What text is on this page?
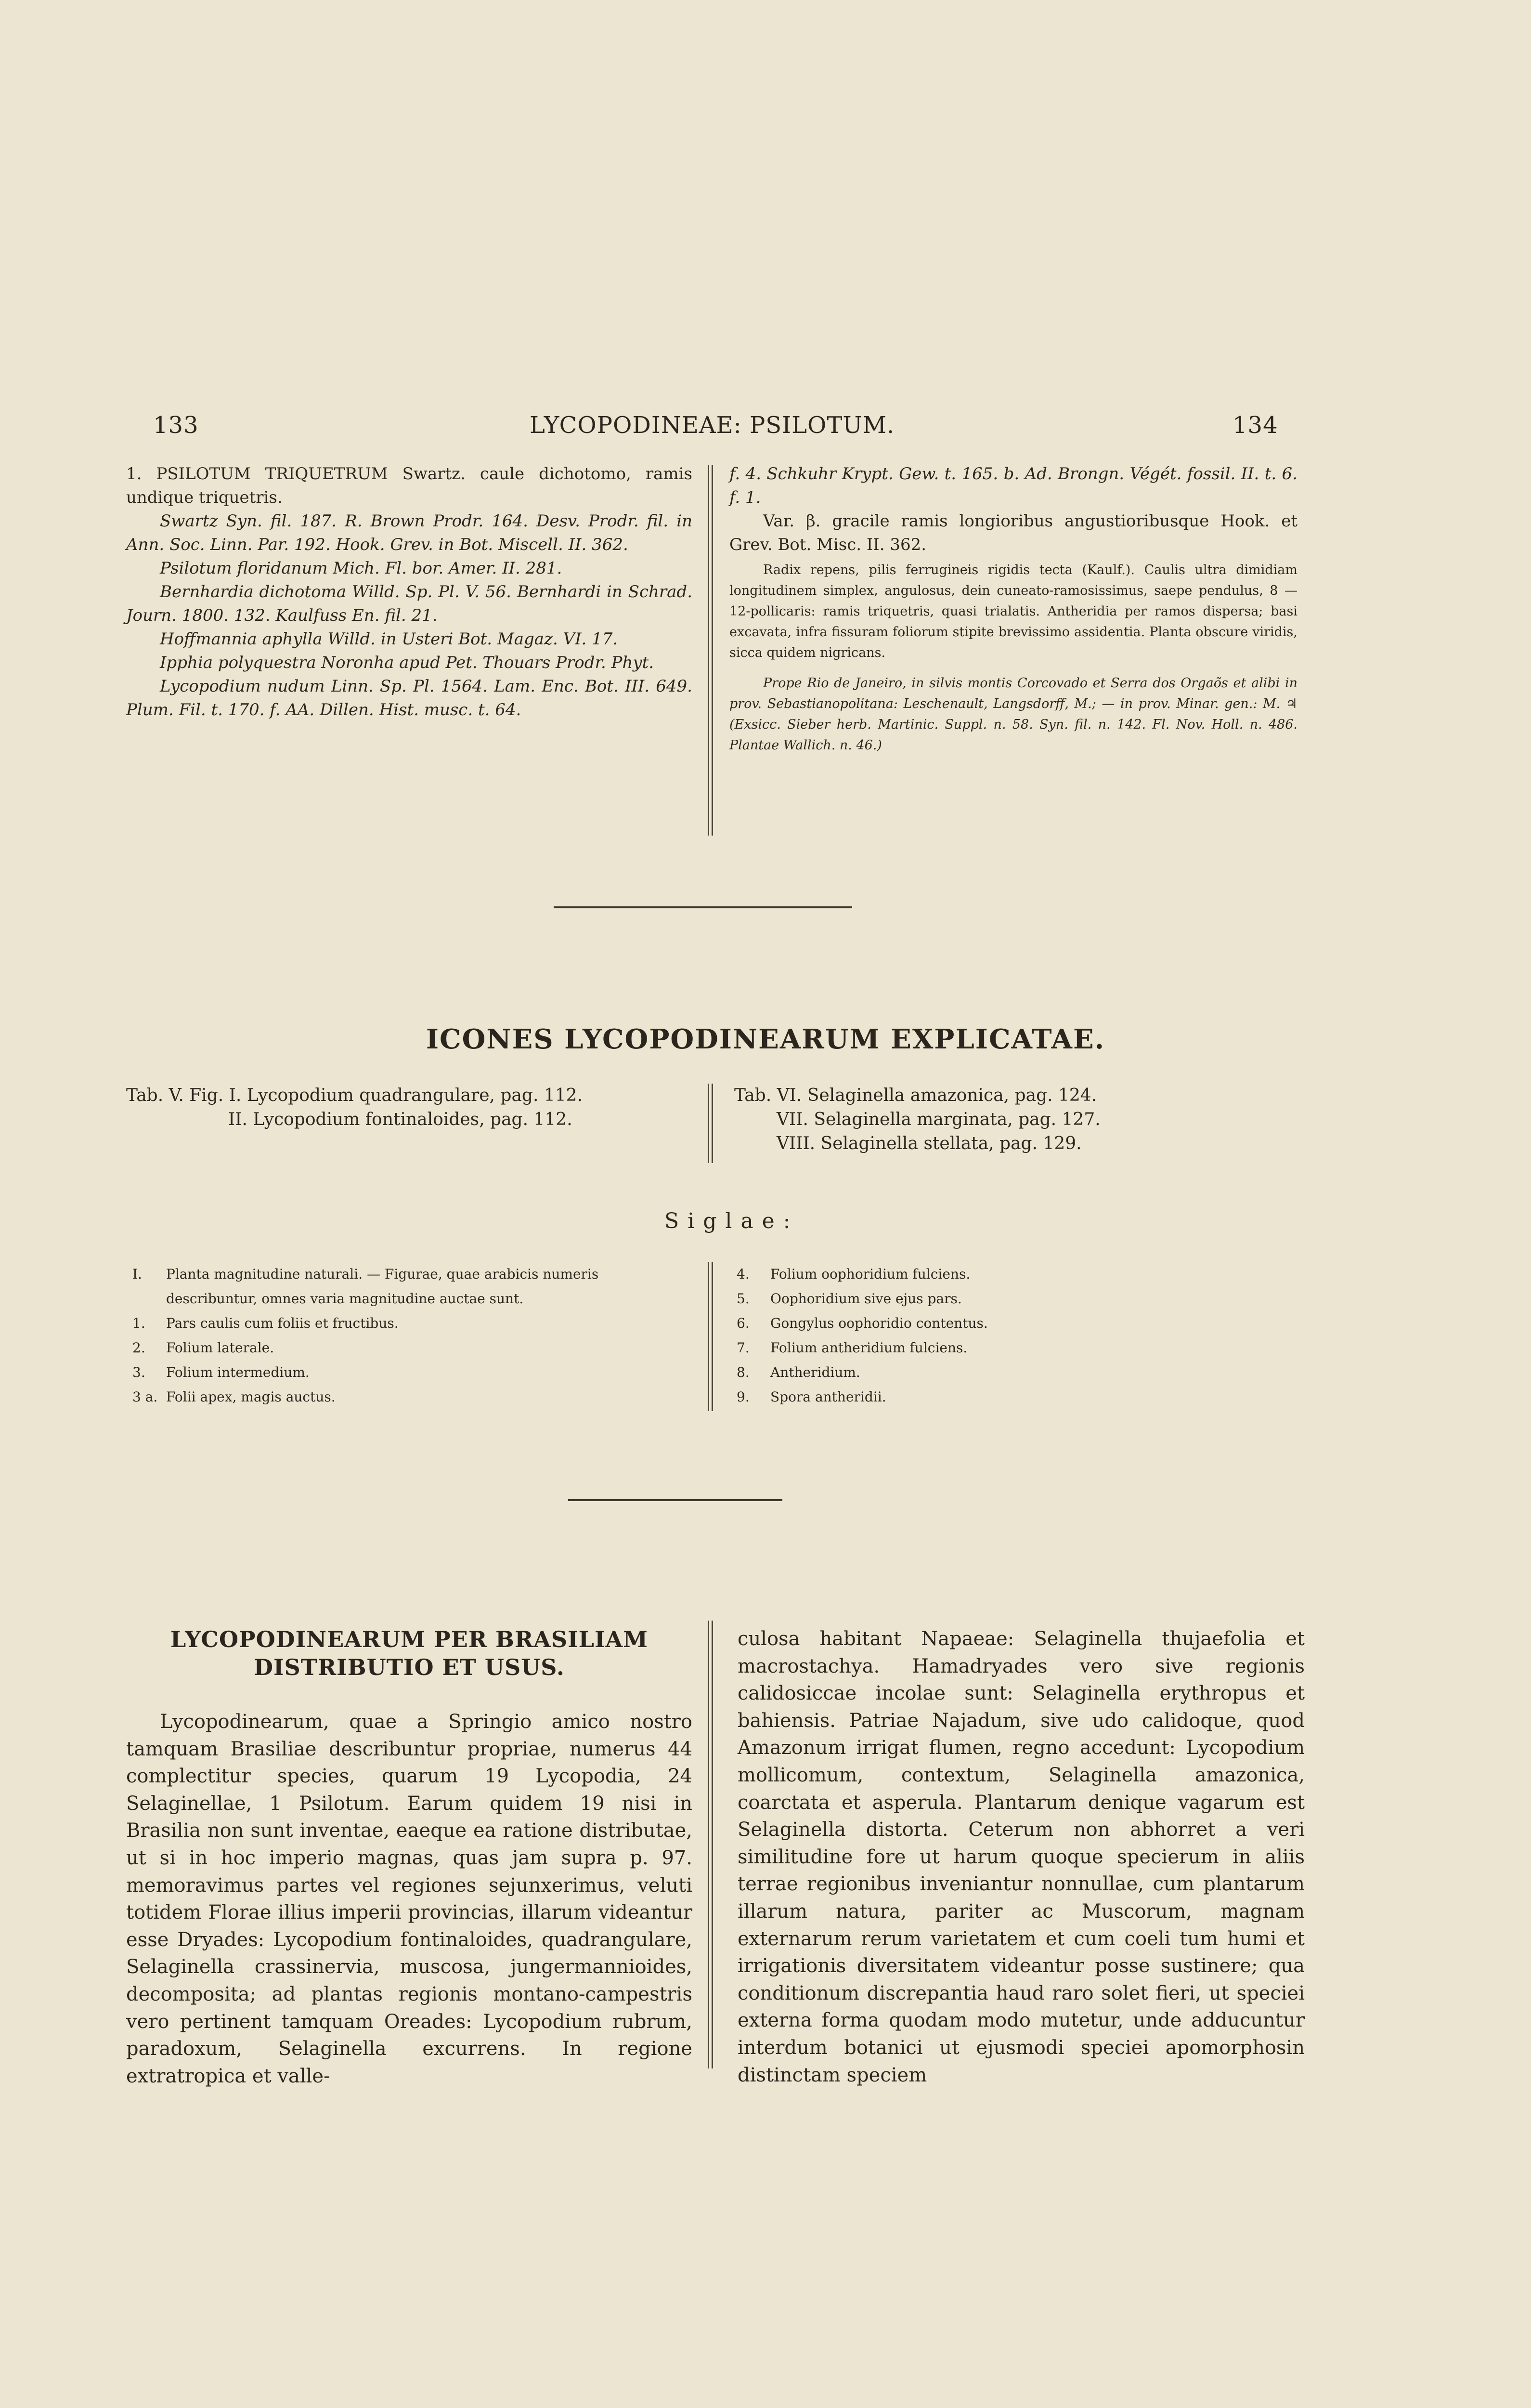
133	LYCOPODINEAE: PSILOTUM.	134
1. PSILOTUM TRIQUETRUM Swartz. caule dichotomo, ramis undique triquetris.
Swartz Syn. fil. 187. R. Brown Prodr. 164. Desv. Prodr. fil. in Ann. Soc. Linn. Par. 192. Hook. Grev. in Bot. Miscell. II. 362.
Psilotum floridanum Mich. Fl. bor. Amer. II. 281.
Bernhardia dichotoma Willd. Sp. Pl. V. 56. Bernhardi in Schrad. Journ. 1800. 132. Kaulfuss En. fil. 21.
Hoffmannia aphylla Willd. in Usteri Bot. Magaz. VI. 17.
Ipphia polyquestra Noronha apud Pet. Thouars Prodr. Phyt.
Lycopodium nudum Linn. Sp. Pl. 1564. Lam. Enc. Bot. III. 649. Plum. Fil. t. 170. f. AA. Dillen. Hist. musc. t. 64.

f. 4. Schkuhr Krypt. Gew. t. 165. b. Ad. Brongn. Végét. fossil. II. t. 6. f. 1.

Var. β. gracile ramis longioribus angustioribusque Hook. et Grev. Bot. Misc. II. 362.

Radix repens, pilis ferrugineis rigidis tecta (Kaulf.). Caulis ultra dimidiam longitudinem simplex, angulosus, dein cuneato-ramosissimus, saepe pendulus, 8 — 12-pollicaris: ramis triquetris, quasi trialatis. Antheridia per ramos dispersa; basi excavata, infra fissuram foliorum stipite brevissimo assidentia. Planta obscure viridis, sicca quidem nigricans.

Prope Rio de Janeiro, in silvis montis Corcovado et Serra dos Orgaõs et alibi in prov. Sebastianopolitana: Leschenault, Langsdorff, M.; — in prov. Minar. gen.: M. ♃ (Exsicc. Sieber herb. Martinic. Suppl. n. 58. Syn. fil. n. 142. Fl. Nov. Holl. n. 486. Plantae Wallich. n. 46.)

ICONES LYCOPODINEARUM EXPLICATAE.
Tab. V. Fig. I. Lycopodium quadrangulare, pag. 112.
II. Lycopodium fontinaloides, pag. 112.
Tab. VI. Selaginella amazonica, pag. 124.
VII. Selaginella marginata, pag. 127.
VIII. Selaginella stellata, pag. 129.
Siglae:
I.	Planta magnitudine naturali. — Figurae, quae arabicis numeris
describuntur, omnes varia magnitudine auctae sunt.
1.	Pars caulis cum foliis et fructibus.
2.	Folium laterale.
3.	Folium intermedium.
3 a. Folii apex, magis auctus.
4.	Folium oophoridium fulciens.
5.	Oophoridium sive ejus pars.
6.	Gongylus oophoridio contentus.
7.	Folium antheridium fulciens.
8.	Antheridium.
9.	Spora antheridii.
LYCOPODINEARUM PER BRASILIAM
DISTRIBUTIO ET USUS.
Lycopodinearum, quae a Springio amico nostro tamquam Brasiliae describuntur propriae, numerus 44 complectitur species, quarum 19 Lycopodia, 24 Selaginellae, 1 Psilotum. Earum quidem 19 nisi in Brasilia non sunt inventae, eaeque ea ratione distributae, ut si in hoc imperio magnas, quas jam supra p. 97. memoravimus partes vel regiones sejunxerimus, veluti totidem Florae illius imperii provincias, illarum videantur esse Dryades: Lycopodium fontinaloides, quadrangulare, Selaginella crassinervia, muscosa, jungermannioides, decomposita; ad plantas regionis montano-campestris vero pertinent tamquam Oreades: Lycopodium rubrum, paradoxum, Selaginella excurrens. In regione extratropica et valle-
culosa habitant Napaeae: Selaginella thujaefolia et macrostachya. Hamadryades vero sive regionis calidosiccae incolae sunt: Selaginella erythropus et bahiensis. Patriae Najadum, sive udo calidoque, quod Amazonum irrigat flumen, regno accedunt: Lycopodium mollicomum, contextum, Selaginella amazonica, coarctata et asperula. Plantarum denique vagarum est Selaginella distorta. Ceterum non abhorret a veri similitudine fore ut harum quoque specierum in aliis terrae regionibus inveniantur nonnullae, cum plantarum illarum natura, pariter ac Muscorum, magnam externarum rerum varietatem et cum coeli tum humi et irrigationis diversitatem videantur posse sustinere; qua conditionum discrepantia haud raro solet fieri, ut speciei externa forma quodam modo mutetur, unde adducuntur interdum botanici ut ejusmodi speciei apomorphosin distinctam speciem
